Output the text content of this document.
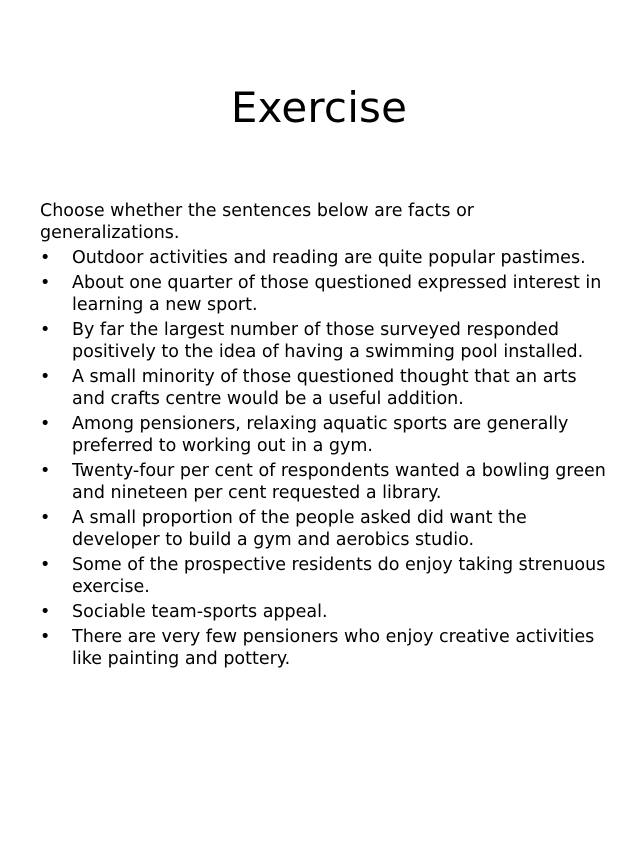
Exercise

Choose whether the sentences below are facts or generalizations.

•	Outdoor activities and reading are quite popular pastimes.
•	About one quarter of those questioned expressed interest in learning a new sport.
•	By far the largest number of those surveyed responded positively to the idea of having a swimming pool installed.
•	A small minority of those questioned thought that an arts and crafts centre would be a useful addition.
•	Among pensioners, relaxing aquatic sports are generally preferred to working out in a gym.
•	Twenty-four per cent of respondents wanted a bowling green and nineteen per cent requested a library.
•	A small proportion of the people asked did want the developer to build a gym and aerobics studio.
•	Some of the prospective residents do enjoy taking strenuous exercise.
•	Sociable team-sports appeal.
•	There are very few pensioners who enjoy creative activities like painting and pottery.
